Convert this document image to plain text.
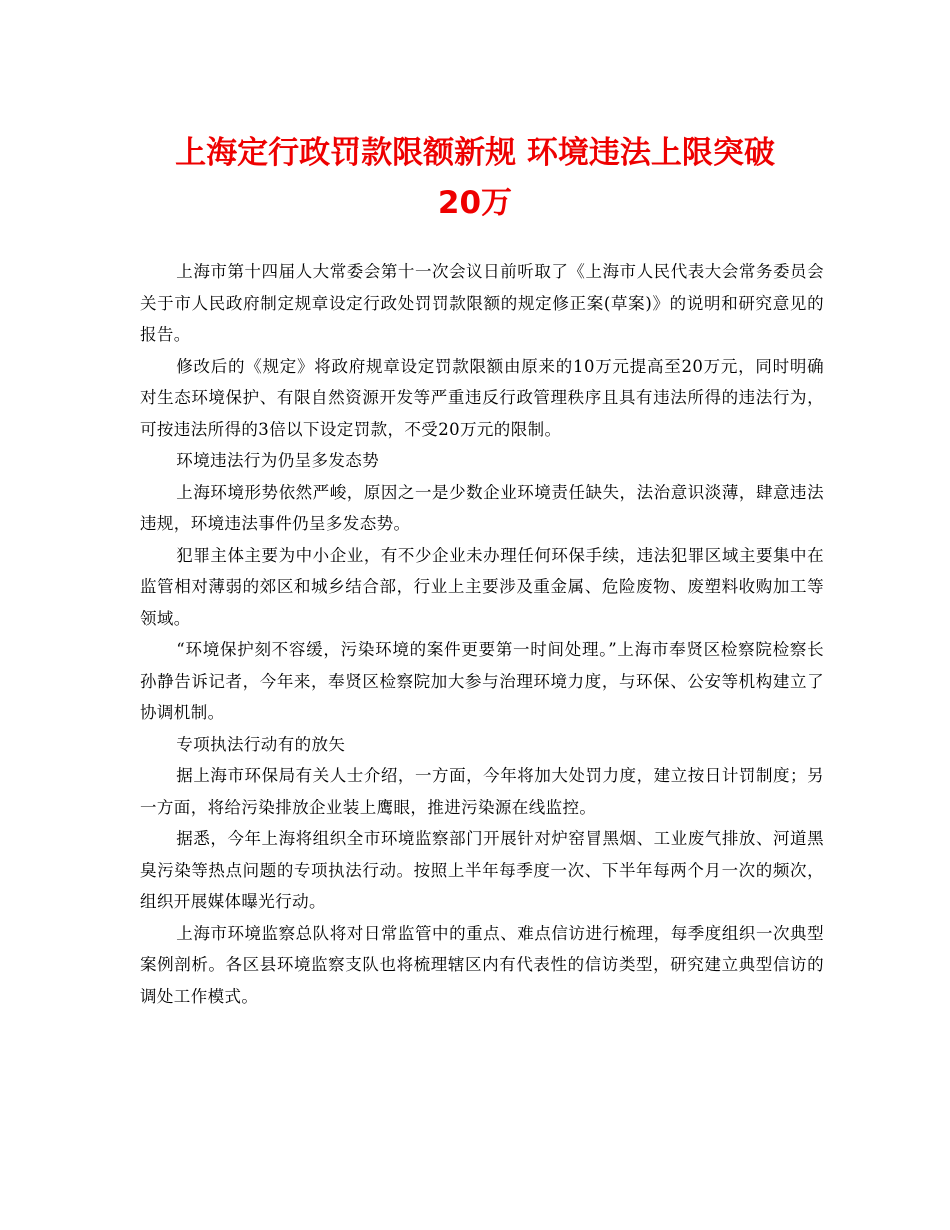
上海定行政罚款限额新规 环境违法上限突破
20万

上海市第十四届人大常委会第十一次会议日前听取了《上海市人民代表大会常务委员会关于市人民政府制定规章设定行政处罚罚款限额的规定修正案(草案)》的说明和研究意见的报告。

修改后的《规定》将政府规章设定罚款限额由原来的10万元提高至20万元，同时明确对生态环境保护、有限自然资源开发等严重违反行政管理秩序且具有违法所得的违法行为，可按违法所得的3倍以下设定罚款，不受20万元的限制。

环境违法行为仍呈多发态势

上海环境形势依然严峻，原因之一是少数企业环境责任缺失，法治意识淡薄，肆意违法违规，环境违法事件仍呈多发态势。

犯罪主体主要为中小企业，有不少企业未办理任何环保手续，违法犯罪区域主要集中在监管相对薄弱的郊区和城乡结合部，行业上主要涉及重金属、危险废物、废塑料收购加工等领域。

“环境保护刻不容缓，污染环境的案件更要第一时间处理。”上海市奉贤区检察院检察长孙静告诉记者，今年来，奉贤区检察院加大参与治理环境力度，与环保、公安等机构建立了协调机制。

专项执法行动有的放矢

据上海市环保局有关人士介绍，一方面，今年将加大处罚力度，建立按日计罚制度；另一方面，将给污染排放企业装上鹰眼，推进污染源在线监控。

据悉，今年上海将组织全市环境监察部门开展针对炉窑冒黑烟、工业废气排放、河道黑臭污染等热点问题的专项执法行动。按照上半年每季度一次、下半年每两个月一次的频次，组织开展媒体曝光行动。

上海市环境监察总队将对日常监管中的重点、难点信访进行梳理，每季度组织一次典型案例剖析。各区县环境监察支队也将梳理辖区内有代表性的信访类型，研究建立典型信访的调处工作模式。
